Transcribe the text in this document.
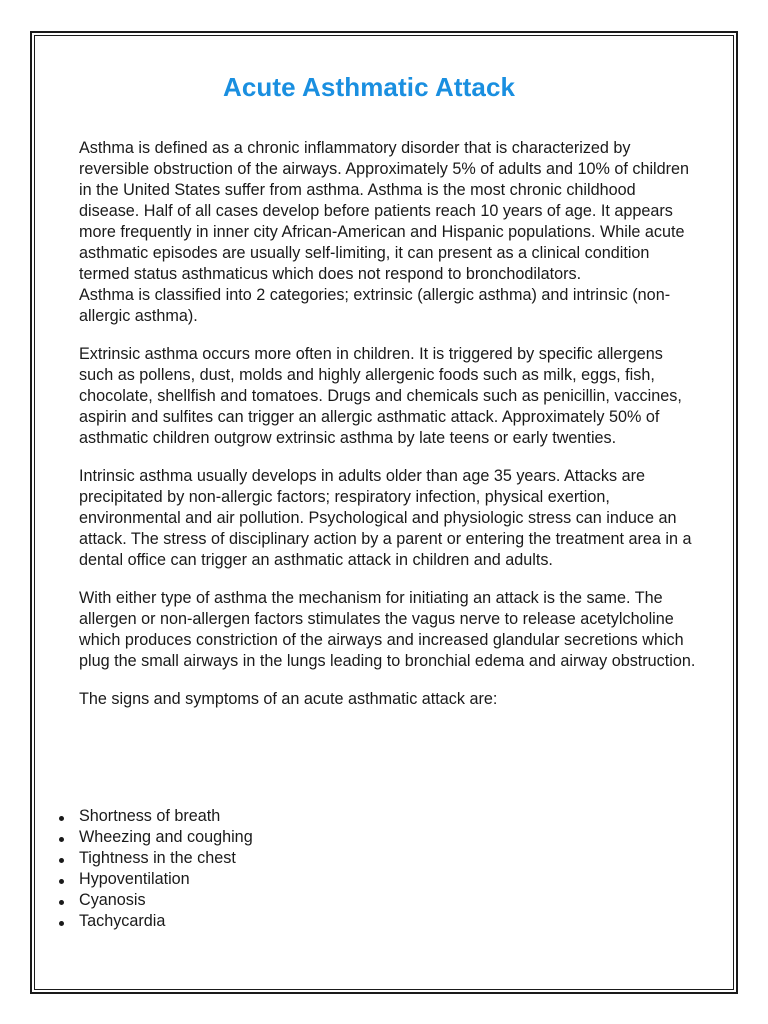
Acute Asthmatic Attack

Asthma is defined as a chronic inflammatory disorder that is characterized by reversible obstruction of the airways. Approximately 5% of adults and 10% of children in the United States suffer from asthma. Asthma is the most chronic childhood disease. Half of all cases develop before patients reach 10 years of age. It appears more frequently in inner city African-American and Hispanic populations. While acute asthmatic episodes are usually self-limiting, it can present as a clinical condition termed status asthmaticus which does not respond to bronchodilators.

Asthma is classified into 2 categories; extrinsic (allergic asthma) and intrinsic (non-allergic asthma).

Extrinsic asthma occurs more often in children. It is triggered by specific allergens such as pollens, dust, molds and highly allergenic foods such as milk, eggs, fish, chocolate, shellfish and tomatoes. Drugs and chemicals such as penicillin, vaccines, aspirin and sulfites can trigger an allergic asthmatic attack. Approximately 50% of asthmatic children outgrow extrinsic asthma by late teens or early twenties.

Intrinsic asthma usually develops in adults older than age 35 years. Attacks are precipitated by non-allergic factors; respiratory infection, physical exertion, environmental and air pollution. Psychological and physiologic stress can induce an attack. The stress of disciplinary action by a parent or entering the treatment area in a dental office can trigger an asthmatic attack in children and adults.

With either type of asthma the mechanism for initiating an attack is the same. The allergen or non-allergen factors stimulates the vagus nerve to release acetylcholine which produces constriction of the airways and increased glandular secretions which plug the small airways in the lungs leading to bronchial edema and airway obstruction.

The signs and symptoms of an acute asthmatic attack are:

Shortness of breath
Wheezing and coughing
Tightness in the chest
Hypoventilation
Cyanosis
Tachycardia
